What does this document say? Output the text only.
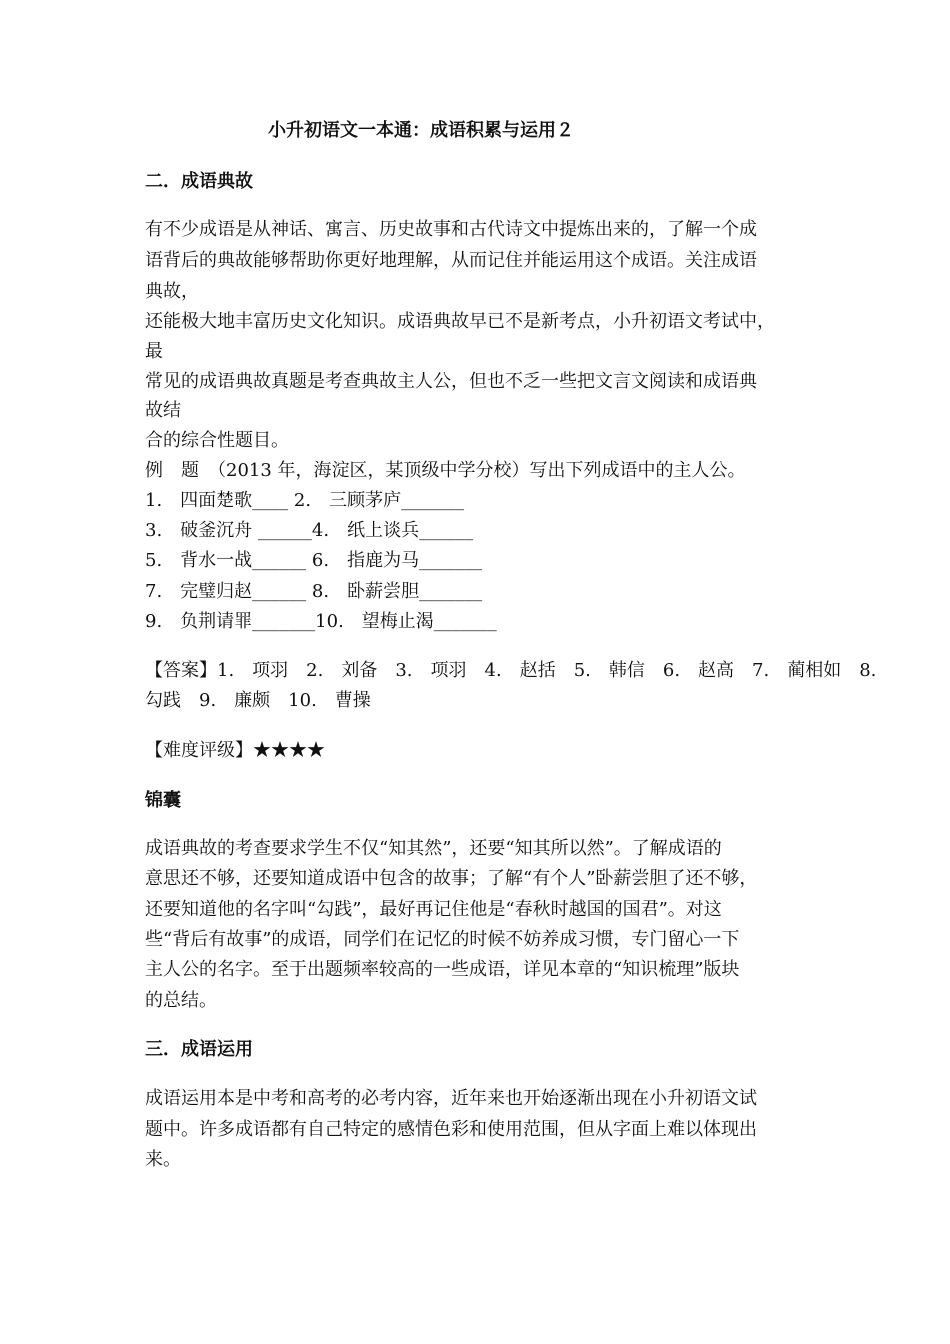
小升初语文一本通：成语积累与运用２
二．成语典故
有不少成语是从神话、寓言、历史故事和古代诗文中提炼出来的，了解一个成
语背后的典故能够帮助你更好地理解，从而记住并能运用这个成语。关注成语
典故，
还能极大地丰富历史文化知识。成语典故早已不是新考点，小升初语文考试中，
最
常见的成语典故真题是考查典故主人公，但也不乏一些把文言文阅读和成语典
故结
合的综合性题目。
例　题　（2013 年，海淀区，某顶级中学分校）写出下列成语中的主人公。
1.　四面楚歌____ 2.　三顾茅庐_______
3.　破釜沉舟 ______4.　纸上谈兵______
5.　背水一战______ 6.　指鹿为马_______
7.　完璧归赵______ 8.　卧薪尝胆_______
9.　负荆请罪_______10.　望梅止渴_______
【答案】1.　项羽　2.　刘备　3.　项羽　4.　赵括　5.　韩信　6.　赵高　7.　蔺相如　8.
勾践　9.　廉颇　10.　曹操
【难度评级】★★★★
锦囊
成语典故的考查要求学生不仅“知其然”，还要“知其所以然”。了解成语的
意思还不够，还要知道成语中包含的故事；了解“有个人”卧薪尝胆了还不够，
还要知道他的名字叫“勾践”，最好再记住他是“春秋时越国的国君”。对这
些“背后有故事”的成语，同学们在记忆的时候不妨养成习惯，专门留心一下
主人公的名字。至于出题频率较高的一些成语，详见本章的“知识梳理”版块
的总结。
三．成语运用
成语运用本是中考和高考的必考内容，近年来也开始逐渐出现在小升初语文试
题中。许多成语都有自己特定的感情色彩和使用范围，但从字面上难以体现出
来。
